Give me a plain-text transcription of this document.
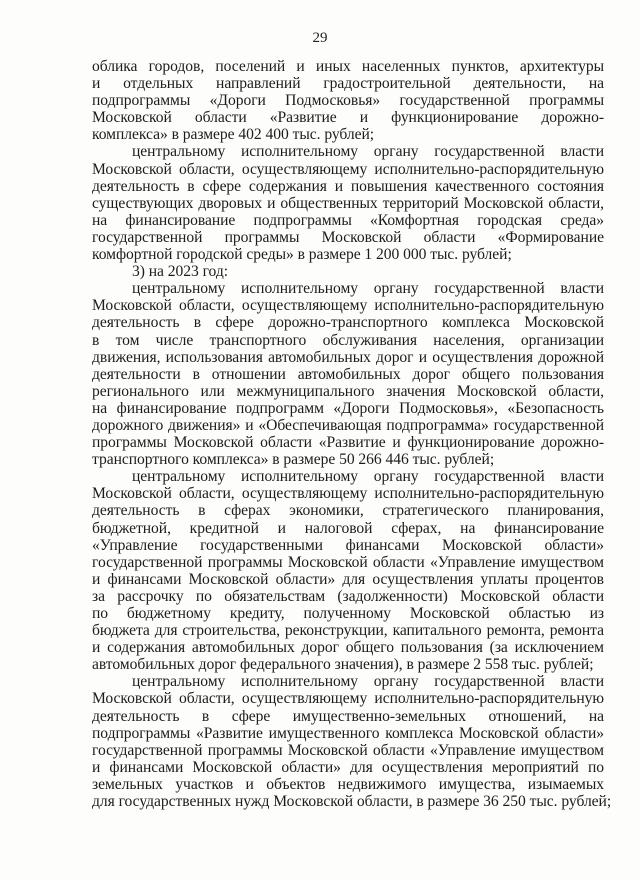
29
облика городов, поселений и иных населенных пунктов, архитектуры
и отдельных направлений градостроительной деятельности, на
подпрограммы «Дороги Подмосковья» государственной программы
Московской области «Развитие и функционирование дорожно-
комплекса» в размере 402 400 тыс. рублей;
центральному исполнительному органу государственной власти
Московской области, осуществляющему исполнительно-распорядительную
деятельность в сфере содержания и повышения качественного состояния
существующих дворовых и общественных территорий Московской области,
на финансирование подпрограммы «Комфортная городская среда»
государственной программы Московской области «Формирование
комфортной городской среды» в размере 1 200 000 тыс. рублей;
3) на 2023 год:
центральному исполнительному органу государственной власти
Московской области, осуществляющему исполнительно-распорядительную
деятельность в сфере дорожно-транспортного комплекса Московской
в том числе транспортного обслуживания населения, организации
движения, использования автомобильных дорог и осуществления дорожной
деятельности в отношении автомобильных дорог общего пользования
регионального или межмуниципального значения Московской области,
на финансирование подпрограмм «Дороги Подмосковья», «Безопасность
дорожного движения» и «Обеспечивающая подпрограмма» государственной
программы Московской области «Развитие и функционирование дорожно-
транспортного комплекса» в размере 50 266 446 тыс. рублей;
центральному исполнительному органу государственной власти
Московской области, осуществляющему исполнительно-распорядительную
деятельность в сферах экономики, стратегического планирования,
бюджетной, кредитной и налоговой сферах, на финансирование
«Управление государственными финансами Московской области»
государственной программы Московской области «Управление имуществом
и финансами Московской области» для осуществления уплаты процентов
за рассрочку по обязательствам (задолженности) Московской области
по бюджетному кредиту, полученному Московской областью из
бюджета для строительства, реконструкции, капитального ремонта, ремонта
и содержания автомобильных дорог общего пользования (за исключением
автомобильных дорог федерального значения), в размере 2 558 тыс. рублей;
центральному исполнительному органу государственной власти
Московской области, осуществляющему исполнительно-распорядительную
деятельность в сфере имущественно-земельных отношений, на
подпрограммы «Развитие имущественного комплекса Московской области»
государственной программы Московской области «Управление имуществом
и финансами Московской области» для осуществления мероприятий по
земельных участков и объектов недвижимого имущества, изымаемых
для государственных нужд Московской области, в размере 36 250 тыс. рублей;
